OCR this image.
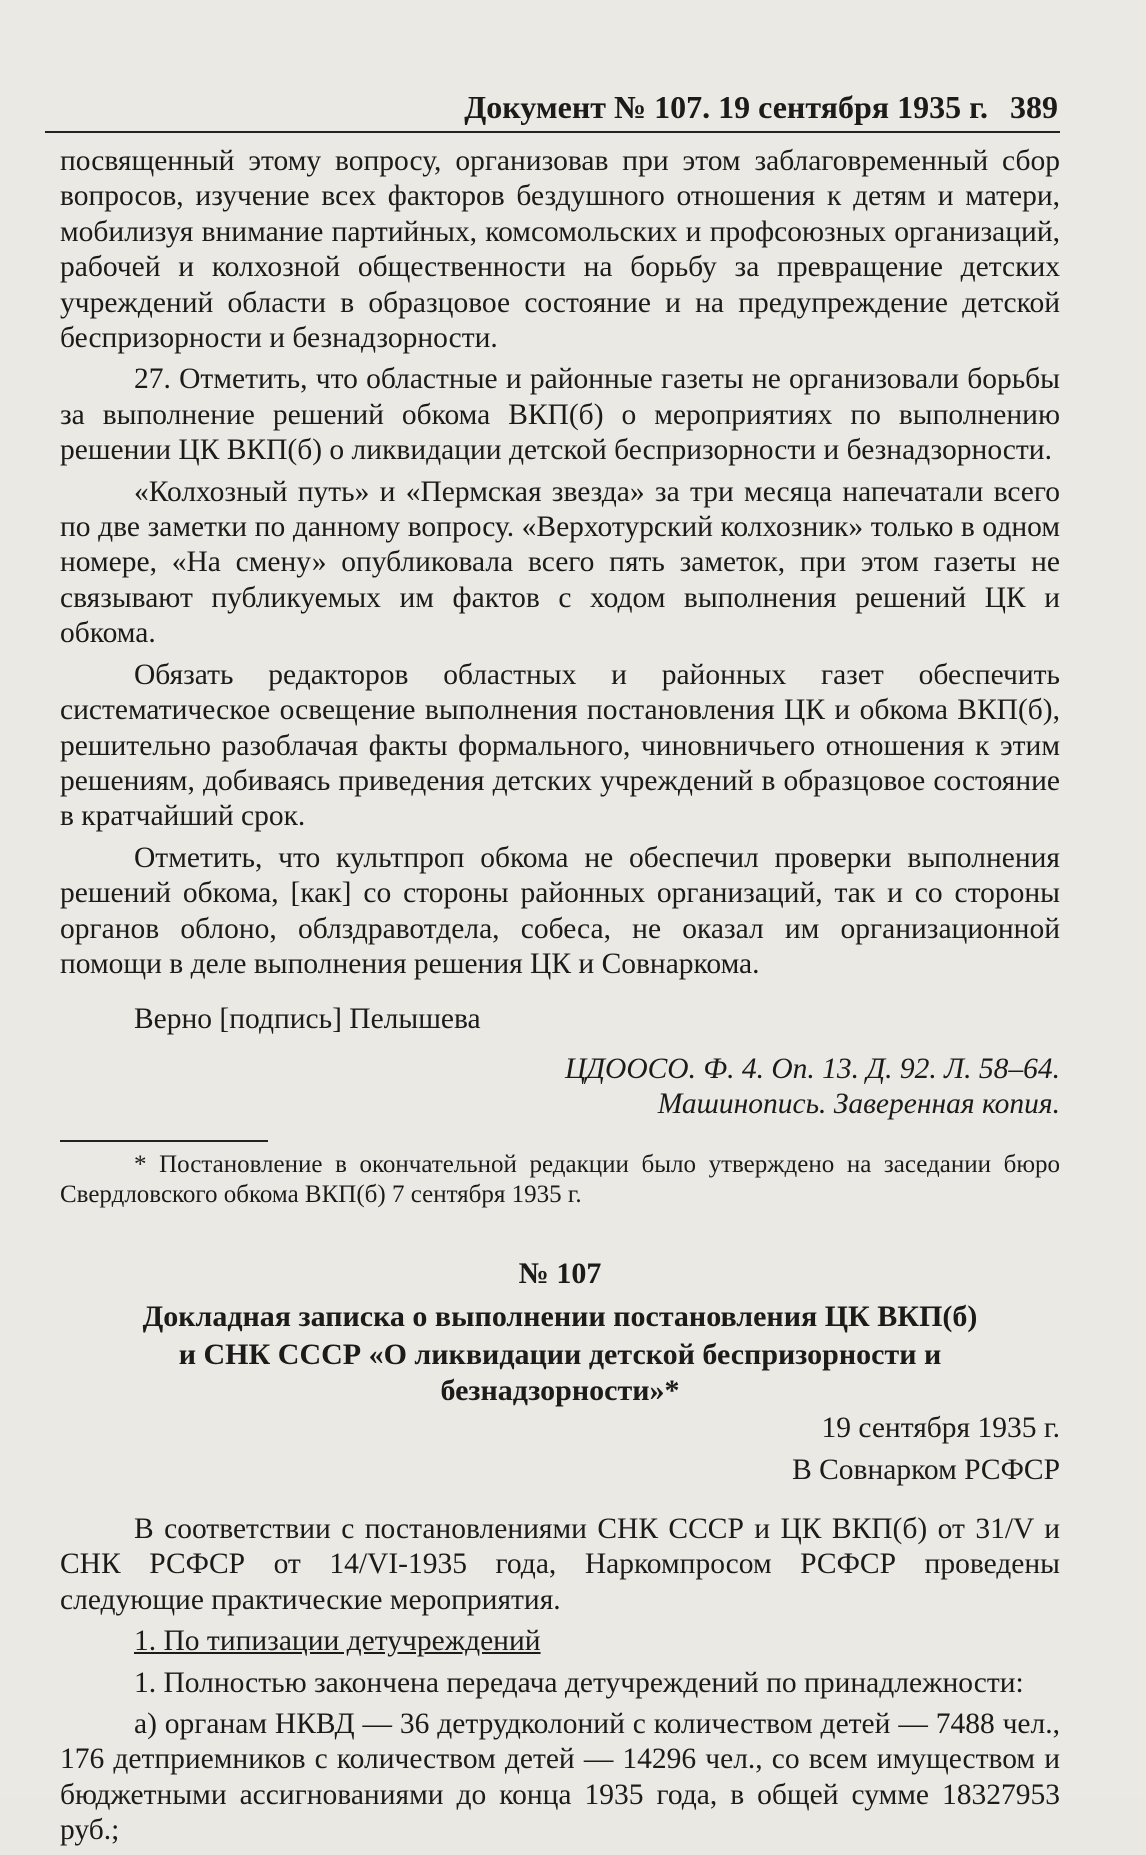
Документ № 107. 19 сентября 1935 г. 389

посвященный этому вопросу, организовав при этом заблаговременный сбор вопросов, изучение всех факторов бездушного отношения к детям и матери, мобилизуя внимание партийных, комсомольских и профсоюзных организаций, рабочей и колхозной общественности на борьбу за превращение детских учреждений области в образцовое состояние и на предупреждение детской беспризорности и безнадзорности.

27. Отметить, что областные и районные газеты не организовали борьбы за выполнение решений обкома ВКП(б) о мероприятиях по выполнению решении ЦК ВКП(б) о ликвидации детской беспризорности и безнадзорности.

«Колхозный путь» и «Пермская звезда» за три месяца напечатали всего по две заметки по данному вопросу. «Верхотурский колхозник» только в одном номере, «На смену» опубликовала всего пять заметок, при этом газеты не связывают публикуемых им фактов с ходом выполнения решений ЦК и обкома.

Обязать редакторов областных и районных газет обеспечить систематическое освещение выполнения постановления ЦК и обкома ВКП(б), решительно разоблачая факты формального, чиновничьего отношения к этим решениям, добиваясь приведения детских учреждений в образцовое состояние в кратчайший срок.

Отметить, что культпроп обкома не обеспечил проверки выполнения решений обкома, [как] со стороны районных организаций, так и со стороны органов облоно, облздравотдела, собеса, не оказал им организационной помощи в деле выполнения решения ЦК и Совнаркома.

Верно [подпись] Пелышева
ЦДООСО. Ф. 4. Оп. 13. Д. 92. Л. 58–64.
Машинопись. Заверенная копия.

* Постановление в окончательной редакции было утверждено на заседании бюро Свердловского обкома ВКП(б) 7 сентября 1935 г.

№ 107
Докладная записка о выполнении постановления ЦК ВКП(б)
и СНК СССР «О ликвидации детской беспризорности и безнадзорности»*

19 сентября 1935 г.

В Совнарком РСФСР

В соответствии с постановлениями СНК СССР и ЦК ВКП(б) от 31/V и СНК РСФСР от 14/VI-1935 года, Наркомпросом РСФСР проведены следующие практические мероприятия.

1. По типизации детучреждений

1. Полностью закончена передача детучреждений по принадлежности:

а) органам НКВД — 36 детрудколоний с количеством детей — 7488 чел., 176 детприемников с количеством детей — 14296 чел., со всем имуществом и бюджетными ассигнованиями до конца 1935 года, в общей сумме 18327953 руб.;
